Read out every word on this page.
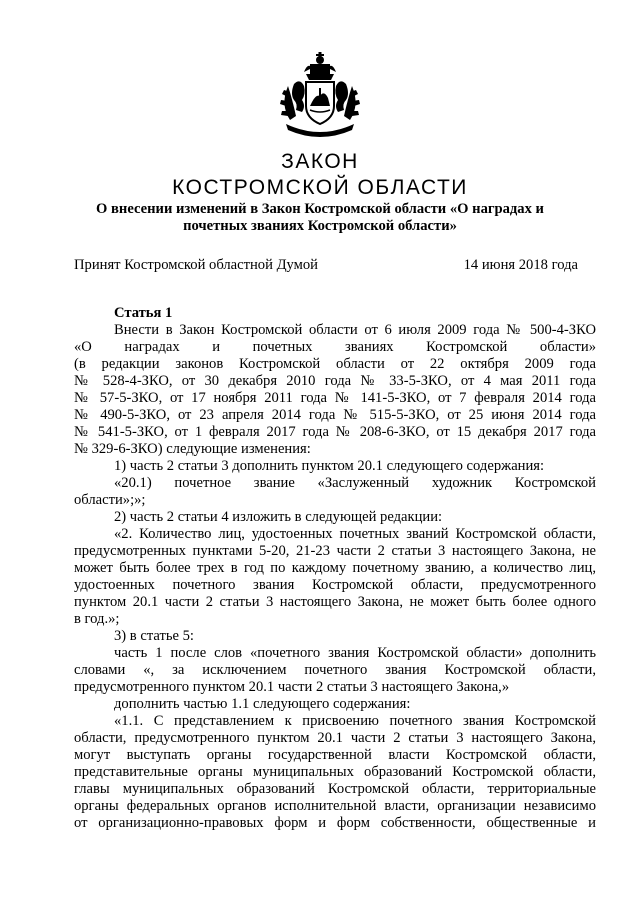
ЗАКОН
КОСТРОМСКОЙ ОБЛАСТИ
О внесении изменений в Закон Костромской области «О наградах и
почетных званиях Костромской области»
Принят Костромской областной Думой	14 июня 2018 года
Статья 1
Внести в Закон Костромской области от 6 июля 2009 года № 500-4-ЗКО
«О наградах и почетных званиях Костромской области»
(в редакции законов Костромской области от 22 октября 2009 года
№ 528-4-ЗКО, от 30 декабря 2010 года № 33-5-ЗКО, от 4 мая 2011 года
№ 57-5-ЗКО, от 17 ноября 2011 года № 141-5-ЗКО, от 7 февраля 2014 года
№ 490-5-ЗКО, от 23 апреля 2014 года № 515-5-ЗКО, от 25 июня 2014 года
№ 541-5-ЗКО, от 1 февраля 2017 года № 208-6-ЗКО, от 15 декабря 2017 года
№ 329-6-ЗКО) следующие изменения:
1) часть 2 статьи 3 дополнить пунктом 20.1 следующего содержания:
«20.1) почетное звание «Заслуженный художник Костромской
области»;»;
2) часть 2 статьи 4 изложить в следующей редакции:
«2. Количество лиц, удостоенных почетных званий Костромской области,
предусмотренных пунктами 5-20, 21-23 части 2 статьи 3 настоящего Закона, не
может быть более трех в год по каждому почетному званию, а количество лиц,
удостоенных почетного звания Костромской области, предусмотренного
пунктом 20.1 части 2 статьи 3 настоящего Закона, не может быть более одного
в год.»;
3) в статье 5:
часть 1 после слов «почетного звания Костромской области» дополнить
словами «, за исключением почетного звания Костромской области,
предусмотренного пунктом 20.1 части 2 статьи 3 настоящего Закона,»
дополнить частью 1.1 следующего содержания:
«1.1. С представлением к присвоению почетного звания Костромской
области, предусмотренного пунктом 20.1 части 2 статьи 3 настоящего Закона,
могут выступать органы государственной власти Костромской области,
представительные органы муниципальных образований Костромской области,
главы муниципальных образований Костромской области, территориальные
органы федеральных органов исполнительной власти, организации независимо
от организационно-правовых форм и форм собственности, общественные и
